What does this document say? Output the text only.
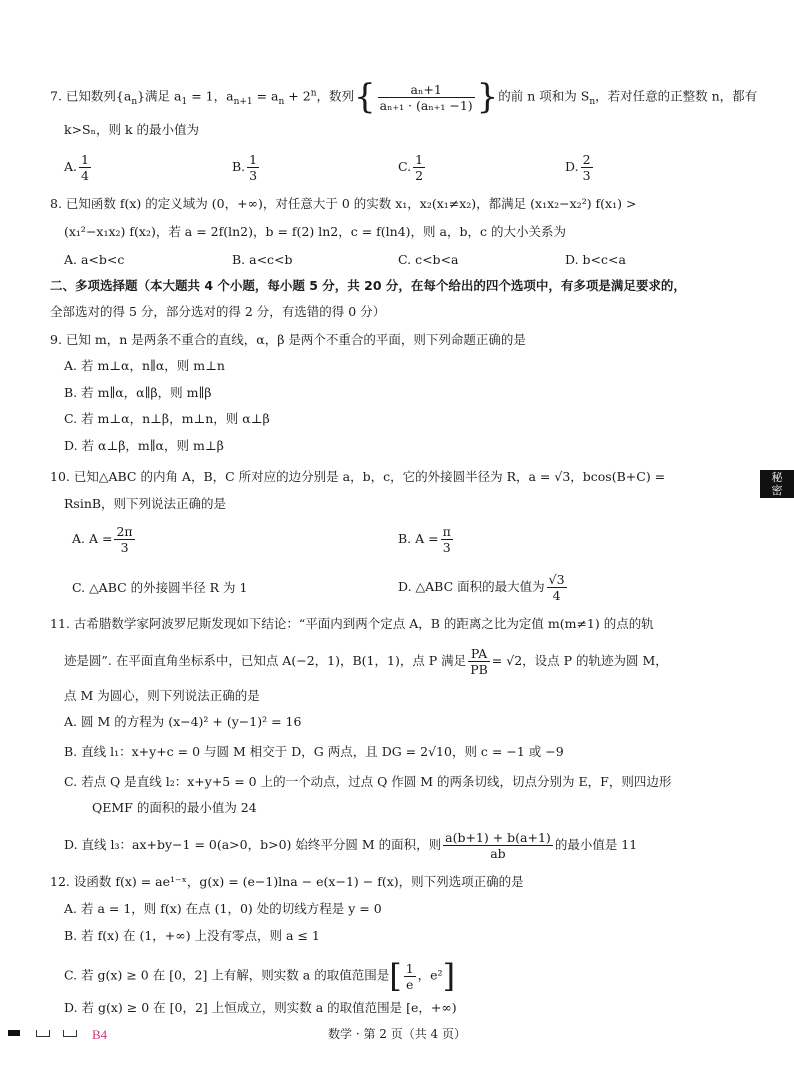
7. 已知数列$\{a_n\}$满足 $a_1 = 1$，$a_{n+1} = a_n + 2^n$，数列{ $\frac{\text{aₙ+1}}{\text{aₙ₊₁ · (aₙ₊₁ −1)}}$ }的前 n 项和为 $S_n$，若对任意的正整数 n，都有
k>Sₙ，则 k 的最小值为
A. $\frac{1}{4}$	B. $\frac{1}{3}$	C. $\frac{1}{2}$	D. $\frac{2}{3}$
8. 已知函数 f(x) 的定义域为 (0，+∞)，对任意大于 0 的实数 x₁，x₂(x₁≠x₂)，都满足 (x₁x₂−x₂²) f(x₁) >
(x₁²−x₁x₂) f(x₂)，若 a = 2f(ln2)，b = f(2) ln2，c = f(ln4)，则 a，b，c 的大小关系为
A. a<b<c	B. a<c<b	C. c<b<a	D. b<c<a
二、多项选择题（本大题共 4 个小题，每小题 5 分，共 20 分，在每个给出的四个选项中，有多项是满足要求的，
全部选对的得 5 分，部分选对的得 2 分，有选错的得 0 分）
9. 已知 m，n 是两条不重合的直线，α，β 是两个不重合的平面，则下列命题正确的是
A. 若 m⊥α，n∥α，则 m⊥n
B. 若 m∥α，α∥β，则 m∥β
C. 若 m⊥α，n⊥β，m⊥n，则 α⊥β
D. 若 α⊥β，m∥α，则 m⊥β
10. 已知△ABC 的内角 A，B，C 所对应的边分别是 a，b，c，它的外接圆半径为 R，a = √3，bcos(B+C) =
RsinB，则下列说法正确的是
A. $A = \frac{2\pi}{3}$	B. $A = \frac{\pi}{3}$
C. △ABC 的外接圆半径 R 为 1	D. △ABC 面积的最大值为 $\frac{√3}{4}$
11. 古希腊数学家阿波罗尼斯发现如下结论：“平面内到两个定点 A，B 的距离之比为定值 m(m≠1) 的点的轨
迹是圆”. 在平面直角坐标系中，已知点 A(−2，1)，B(1，1)，点 P 满足 $\frac{PA}{PB} = √2$，设点 P 的轨迹为圆 M，
点 M 为圆心，则下列说法正确的是
A. 圆 M 的方程为 (x−4)² + (y−1)² = 16
B. 直线 l₁：x+y+c = 0 与圆 M 相交于 D，G 两点，且 DG = 2√10，则 c = −1 或 −9
C. 若点 Q 是直线 l₂：x+y+5 = 0 上的一个动点，过点 Q 作圆 M 的两条切线，切点分别为 E，F，则四边形
QEMF 的面积的最小值为 24
D. 直线 l₃：ax+by−1 = 0(a>0，b>0) 始终平分圆 M 的面积，则 $\frac{a(b+1) + b(a+1)}{ab}$ 的最小值是 11
12. 设函数 f(x) = ae¹⁻ˣ，g(x) = (e−1)lna − e(x−1) − f(x)，则下列选项正确的是
A. 若 a = 1，则 f(x) 在点 (1，0) 处的切线方程是 y = 0
B. 若 f(x) 在 (1，+∞) 上没有零点，则 a ≤ 1
C. 若 g(x) ≥ 0 在 [0，2] 上有解，则实数 a 的取值范围是[ $\frac{1}{e}$ ，e²]
D. 若 g(x) ≥ 0 在 [0，2] 上恒成立，则实数 a 的取值范围是 [e，+∞)
秘
密
B4	数学 · 第 2 页（共 4 页）
